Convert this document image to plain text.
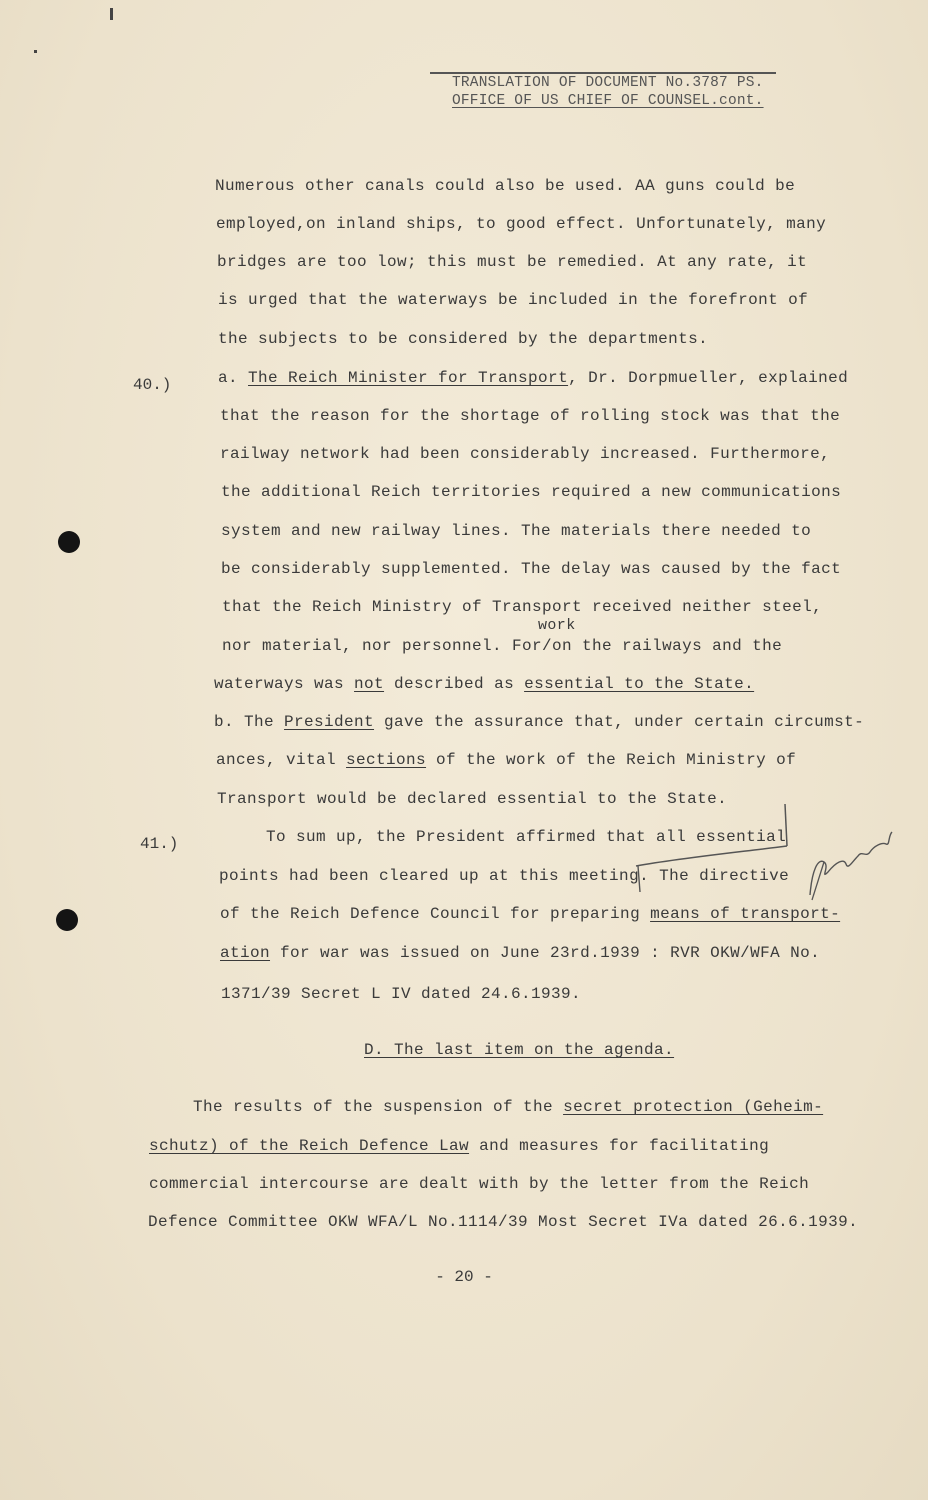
TRANSLATION OF DOCUMENT No.3787 PS.
OFFICE OF US CHIEF OF COUNSEL.cont.
Numerous other canals could also be used. AA guns could be
employed,on inland ships, to good effect. Unfortunately, many
bridges are too low; this must be remedied. At any rate, it
is urged that the waterways be included in the forefront of
the subjects to be considered by the departments.
40.)	a. The Reich Minister for Transport, Dr. Dorpmueller, explained
that the reason for the shortage of rolling stock was that the
railway network had been considerably increased. Furthermore,
the additional Reich territories required a new communications
system and new railway lines. The materials there needed to
be considerably supplemented. The delay was caused by the fact
that the Reich Ministry of Transport received neither steel,
work
nor material, nor personnel. For/on the railways and the
waterways was not described as essential to the State.
b. The President gave the assurance that, under certain circumst-
ances, vital sections of the work of the Reich Ministry of
Transport would be declared essential to the State.
41.)	To sum up, the President affirmed that all essential
points had been cleared up at this meeting. The directive
of the Reich Defence Council for preparing means of transport-
ation for war was issued on June 23rd.1939 : RVR OKW/WFA No.
1371/39 Secret L IV dated 24.6.1939.
D. The last item on the agenda.
The results of the suspension of the secret protection (Geheim-
schutz) of the Reich Defence Law and measures for facilitating
commercial intercourse are dealt with by the letter from the Reich
Defence Committee OKW WFA/L No.1114/39 Most Secret IVa dated 26.6.1939.
- 20 -
